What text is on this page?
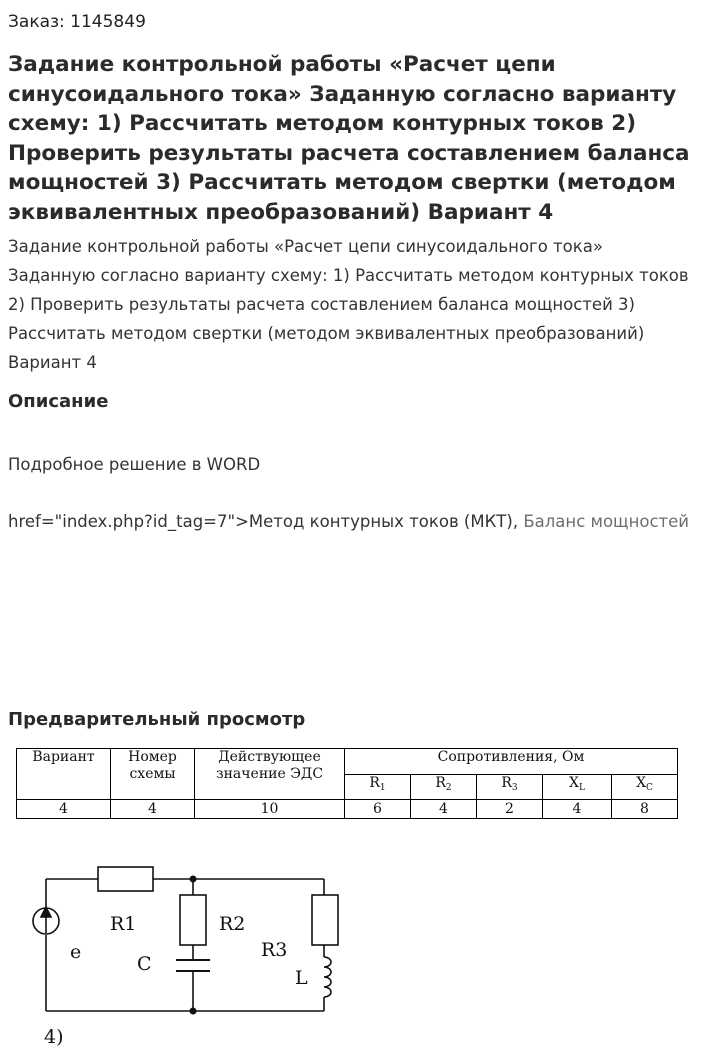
Заказ: 1145849
Задание контрольной работы «Расчет цепи синусоидального тока» Заданную согласно варианту схему: 1) Рассчитать методом контурных токов 2) Проверить результаты расчета составлением баланса мощностей 3) Рассчитать методом свертки (методом эквивалентных преобразований) Вариант 4

Задание контрольной работы «Расчет цепи синусоидального тока» Заданную согласно варианту схему: 1) Рассчитать методом контурных токов 2) Проверить результаты расчета составлением баланса мощностей 3) Рассчитать методом свертки (методом эквивалентных преобразований) Вариант 4

Описание

Подробное решение в WORD

href="index.php?id_tag=7">Метод контурных токов (МКТ), Баланс мощностей

Предварительный просмотр
Вариант	Номер схемы	Действующее значение ЭДС	Сопротивления, Ом				
			$R_1$	$R_2$	$R_3$	$X_L$	$X_C$
4	4	10	6	4	2	4	8
R1	R2
R3
e
C
L
4)
